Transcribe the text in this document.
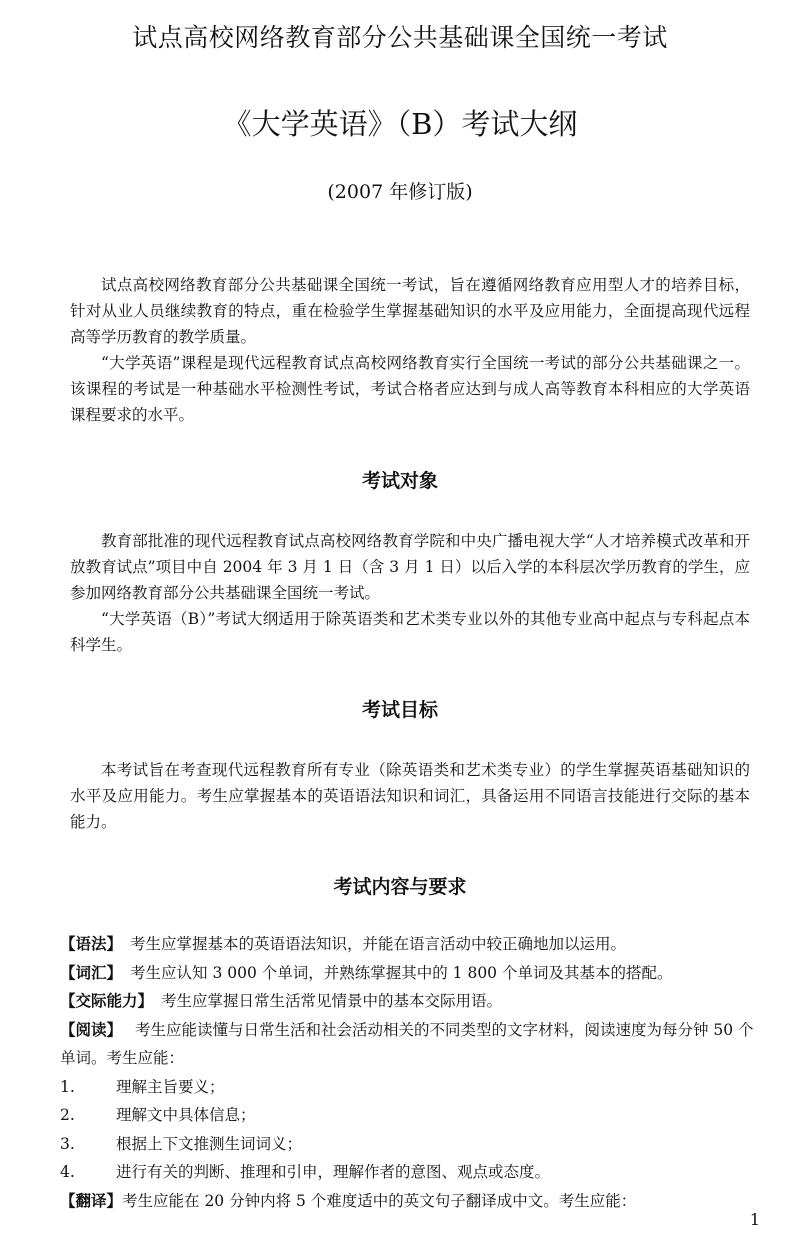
试点高校网络教育部分公共基础课全国统一考试
《大学英语》（B）考试大纲
(2007 年修订版)

试点高校网络教育部分公共基础课全国统一考试，旨在遵循网络教育应用型人才的培养目标，针对从业人员继续教育的特点，重在检验学生掌握基础知识的水平及应用能力，全面提高现代远程高等学历教育的教学质量。

“大学英语”课程是现代远程教育试点高校网络教育实行全国统一考试的部分公共基础课之一。该课程的考试是一种基础水平检测性考试，考试合格者应达到与成人高等教育本科相应的大学英语课程要求的水平。

考试对象

教育部批准的现代远程教育试点高校网络教育学院和中央广播电视大学“人才培养模式改革和开放教育试点”项目中自 2004 年 3 月 1 日（含 3 月 1 日）以后入学的本科层次学历教育的学生，应参加网络教育部分公共基础课全国统一考试。

“大学英语（B）”考试大纲适用于除英语类和艺术类专业以外的其他专业高中起点与专科起点本科学生。

考试目标

本考试旨在考查现代远程教育所有专业（除英语类和艺术类专业）的学生掌握英语基础知识的水平及应用能力。考生应掌握基本的英语语法知识和词汇，具备运用不同语言技能进行交际的基本能力。

考试内容与要求
【语法】 考生应掌握基本的英语语法知识，并能在语言活动中较正确地加以运用。
【词汇】 考生应认知 3 000 个单词，并熟练掌握其中的 1 800 个单词及其基本的搭配。
【交际能力】 考生应掌握日常生活常见情景中的基本交际用语。
【阅读】 考生应能读懂与日常生活和社会活动相关的不同类型的文字材料，阅读速度为每分钟 50 个单词。考生应能：
1.	理解主旨要义；
2.	理解文中具体信息；
3.	根据上下文推测生词词义；
4.	进行有关的判断、推理和引申，理解作者的意图、观点或态度。
【翻译】 考生应能在 20 分钟内将 5 个难度适中的英文句子翻译成中文。考生应能：
1
